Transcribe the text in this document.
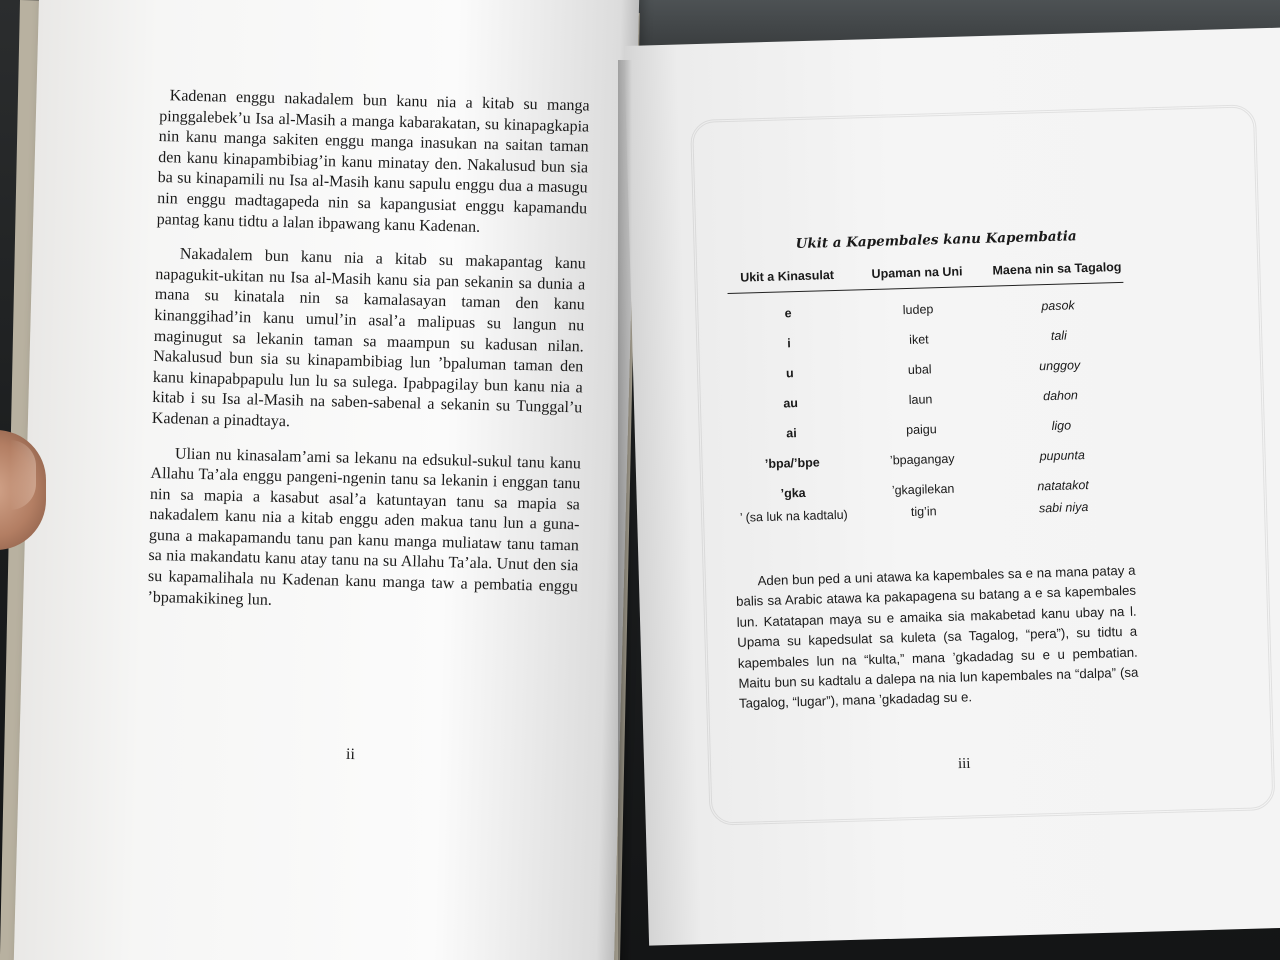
Kadenan enggu nakadalem bun kanu nia a kitab su manga pinggalebek’u Isa al-Masih a manga kabarakatan, su kinapagkapia nin kanu manga sakiten enggu manga inasukan na saitan taman den kanu kinapambibiag’in kanu minatay den. Nakalusud bun sia ba su kinapamili nu Isa al-Masih kanu sapulu enggu dua a masugu nin enggu madtagapeda nin sa kapangusiat enggu kapamandu pantag kanu tidtu a lalan ibpawang kanu Kadenan.

Nakadalem bun kanu nia a kitab su makapantag kanu napagukit-ukitan nu Isa al-Masih kanu sia pan sekanin sa dunia a mana su kinatala nin sa kamalasayan taman den kanu kinanggihad’in kanu umul’in asal’a malipuas su langun nu maginugut sa lekanin taman sa maampun su kadusan nilan. Nakalusud bun sia su kinapambibiag lun ’bpaluman taman den kanu kinapabpapulu lun lu sa sulega. Ipabpagilay bun kanu nia a kitab i su Isa al-Masih na saben-sabenal a sekanin su Tunggal’u Kadenan a pinadtaya.

Ulian nu kinasalam’ami sa lekanu na edsukul-sukul tanu kanu Allahu Ta’ala enggu pangeni-ngenin tanu sa lekanin i enggan tanu nin sa mapia a kasabut asal’a katuntayan tanu sa mapia sa nakadalem kanu nia a kitab enggu aden makua tanu lun a guna-guna a makapamandu tanu pan kanu manga muliataw tanu taman sa nia makandatu kanu atay tanu na su Allahu Ta’ala. Unut den sia su kapamalihala nu Kadenan kanu manga taw a pembatia enggu ’bpamakikineg lun.

ii
Ukit a Kapembales kanu Kapembatia
Ukit a Kinasulat	Upaman na Uni	Maena nin sa Tagalog
e	ludep	pasok
i	iket	tali
u	ubal	unggoy
au	laun	dahon
ai	paigu	ligo
’bpa/’bpe	’bpagangay	pupunta
’gka	’gkagilekan	natatakot
’ (sa luk na kadtalu)	tig’in	sabi niya

Aden bun ped a uni atawa ka kapembales sa e na mana patay a balis sa Arabic atawa ka pakapagena su batang a e sa kapembales lun. Katatapan maya su e amaika sia makabetad kanu ubay na l. Upama su kapedsulat sa kuleta (sa Tagalog, “pera”), su tidtu a kapembales lun na “kulta,” mana ’gkadadag su e u pembatian. Maitu bun su kadtalu a dalepa na nia lun kapembales na “dalpa” (sa Tagalog, “lugar”), mana ’gkadadag su e.

iii
